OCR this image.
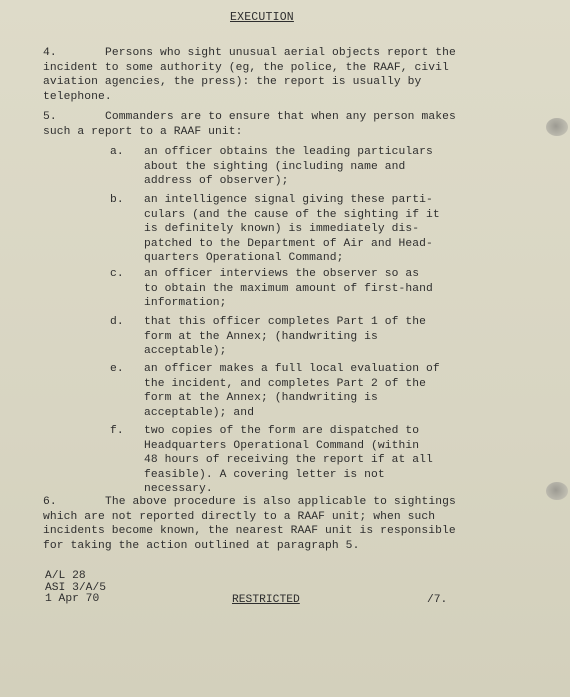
EXECUTION
4.	Persons who sight unusual aerial objects report the
incident to some authority (eg, the police, the RAAF, civil
aviation agencies, the press): the report is usually by
telephone.
5.	Commanders are to ensure that when any person makes
such a report to a RAAF unit:
a. an officer obtains the leading particulars
about the sighting (including name and
address of observer);
b. an intelligence signal giving these parti-
culars (and the cause of the sighting if it
is definitely known) is immediately dis-
patched to the Department of Air and Head-
quarters Operational Command;
c. an officer interviews the observer so as
to obtain the maximum amount of first-hand
information;
d. that this officer completes Part 1 of the
form at the Annex; (handwriting is
acceptable);
e. an officer makes a full local evaluation of
the incident, and completes Part 2 of the
form at the Annex; (handwriting is
acceptable); and
f. two copies of the form are dispatched to
Headquarters Operational Command (within
48 hours of receiving the report if at all
feasible). A covering letter is not
necessary.
6.	The above procedure is also applicable to sightings
which are not reported directly to a RAAF unit; when such
incidents become known, the nearest RAAF unit is responsible
for taking the action outlined at paragraph 5.
A/L 28
ASI 3/A/5
1 Apr 70	RESTRICTED	/7.
